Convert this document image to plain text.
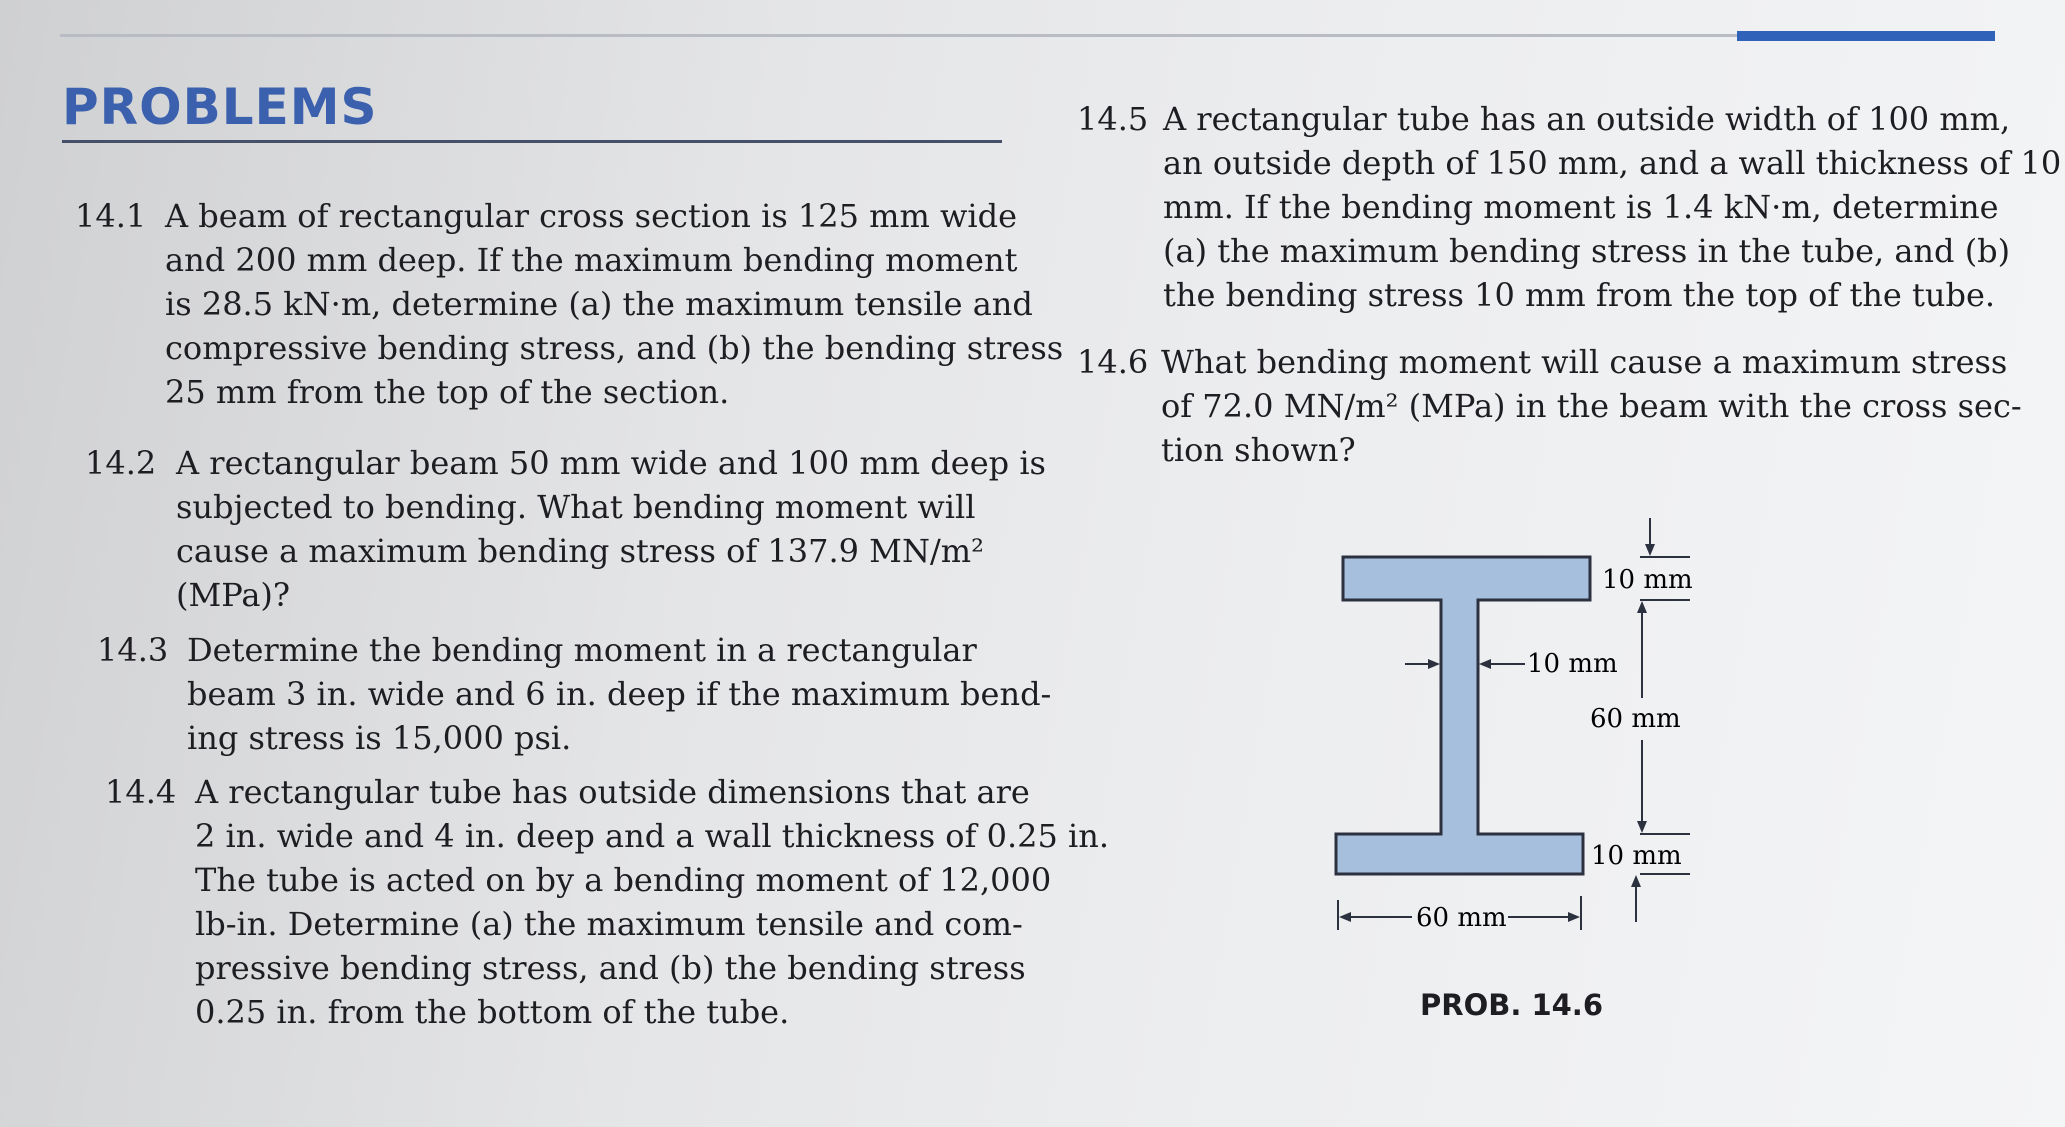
PROBLEMS
14.1 A beam of rectangular cross section is 125 mm wide
and 200 mm deep. If the maximum bending moment
is 28.5 kN·m, determine (a) the maximum tensile and
compressive bending stress, and (b) the bending stress
25 mm from the top of the section.
14.2 A rectangular beam 50 mm wide and 100 mm deep is
subjected to bending. What bending moment will
cause a maximum bending stress of 137.9 MN/m²
(MPa)?
14.3 Determine the bending moment in a rectangular
beam 3 in. wide and 6 in. deep if the maximum bend-
ing stress is 15,000 psi.
14.4 A rectangular tube has outside dimensions that are
2 in. wide and 4 in. deep and a wall thickness of 0.25 in.
The tube is acted on by a bending moment of 12,000
lb-in. Determine (a) the maximum tensile and com-
pressive bending stress, and (b) the bending stress
0.25 in. from the bottom of the tube.
14.5 A rectangular tube has an outside width of 100 mm,
an outside depth of 150 mm, and a wall thickness of 10
mm. If the bending moment is 1.4 kN·m, determine
(a) the maximum bending stress in the tube, and (b)
the bending stress 10 mm from the top of the tube.
14.6 What bending moment will cause a maximum stress
of 72.0 MN/m² (MPa) in the beam with the cross sec-
tion shown?
10 mm
10 mm
60 mm
10 mm
60 mm
PROB. 14.6
